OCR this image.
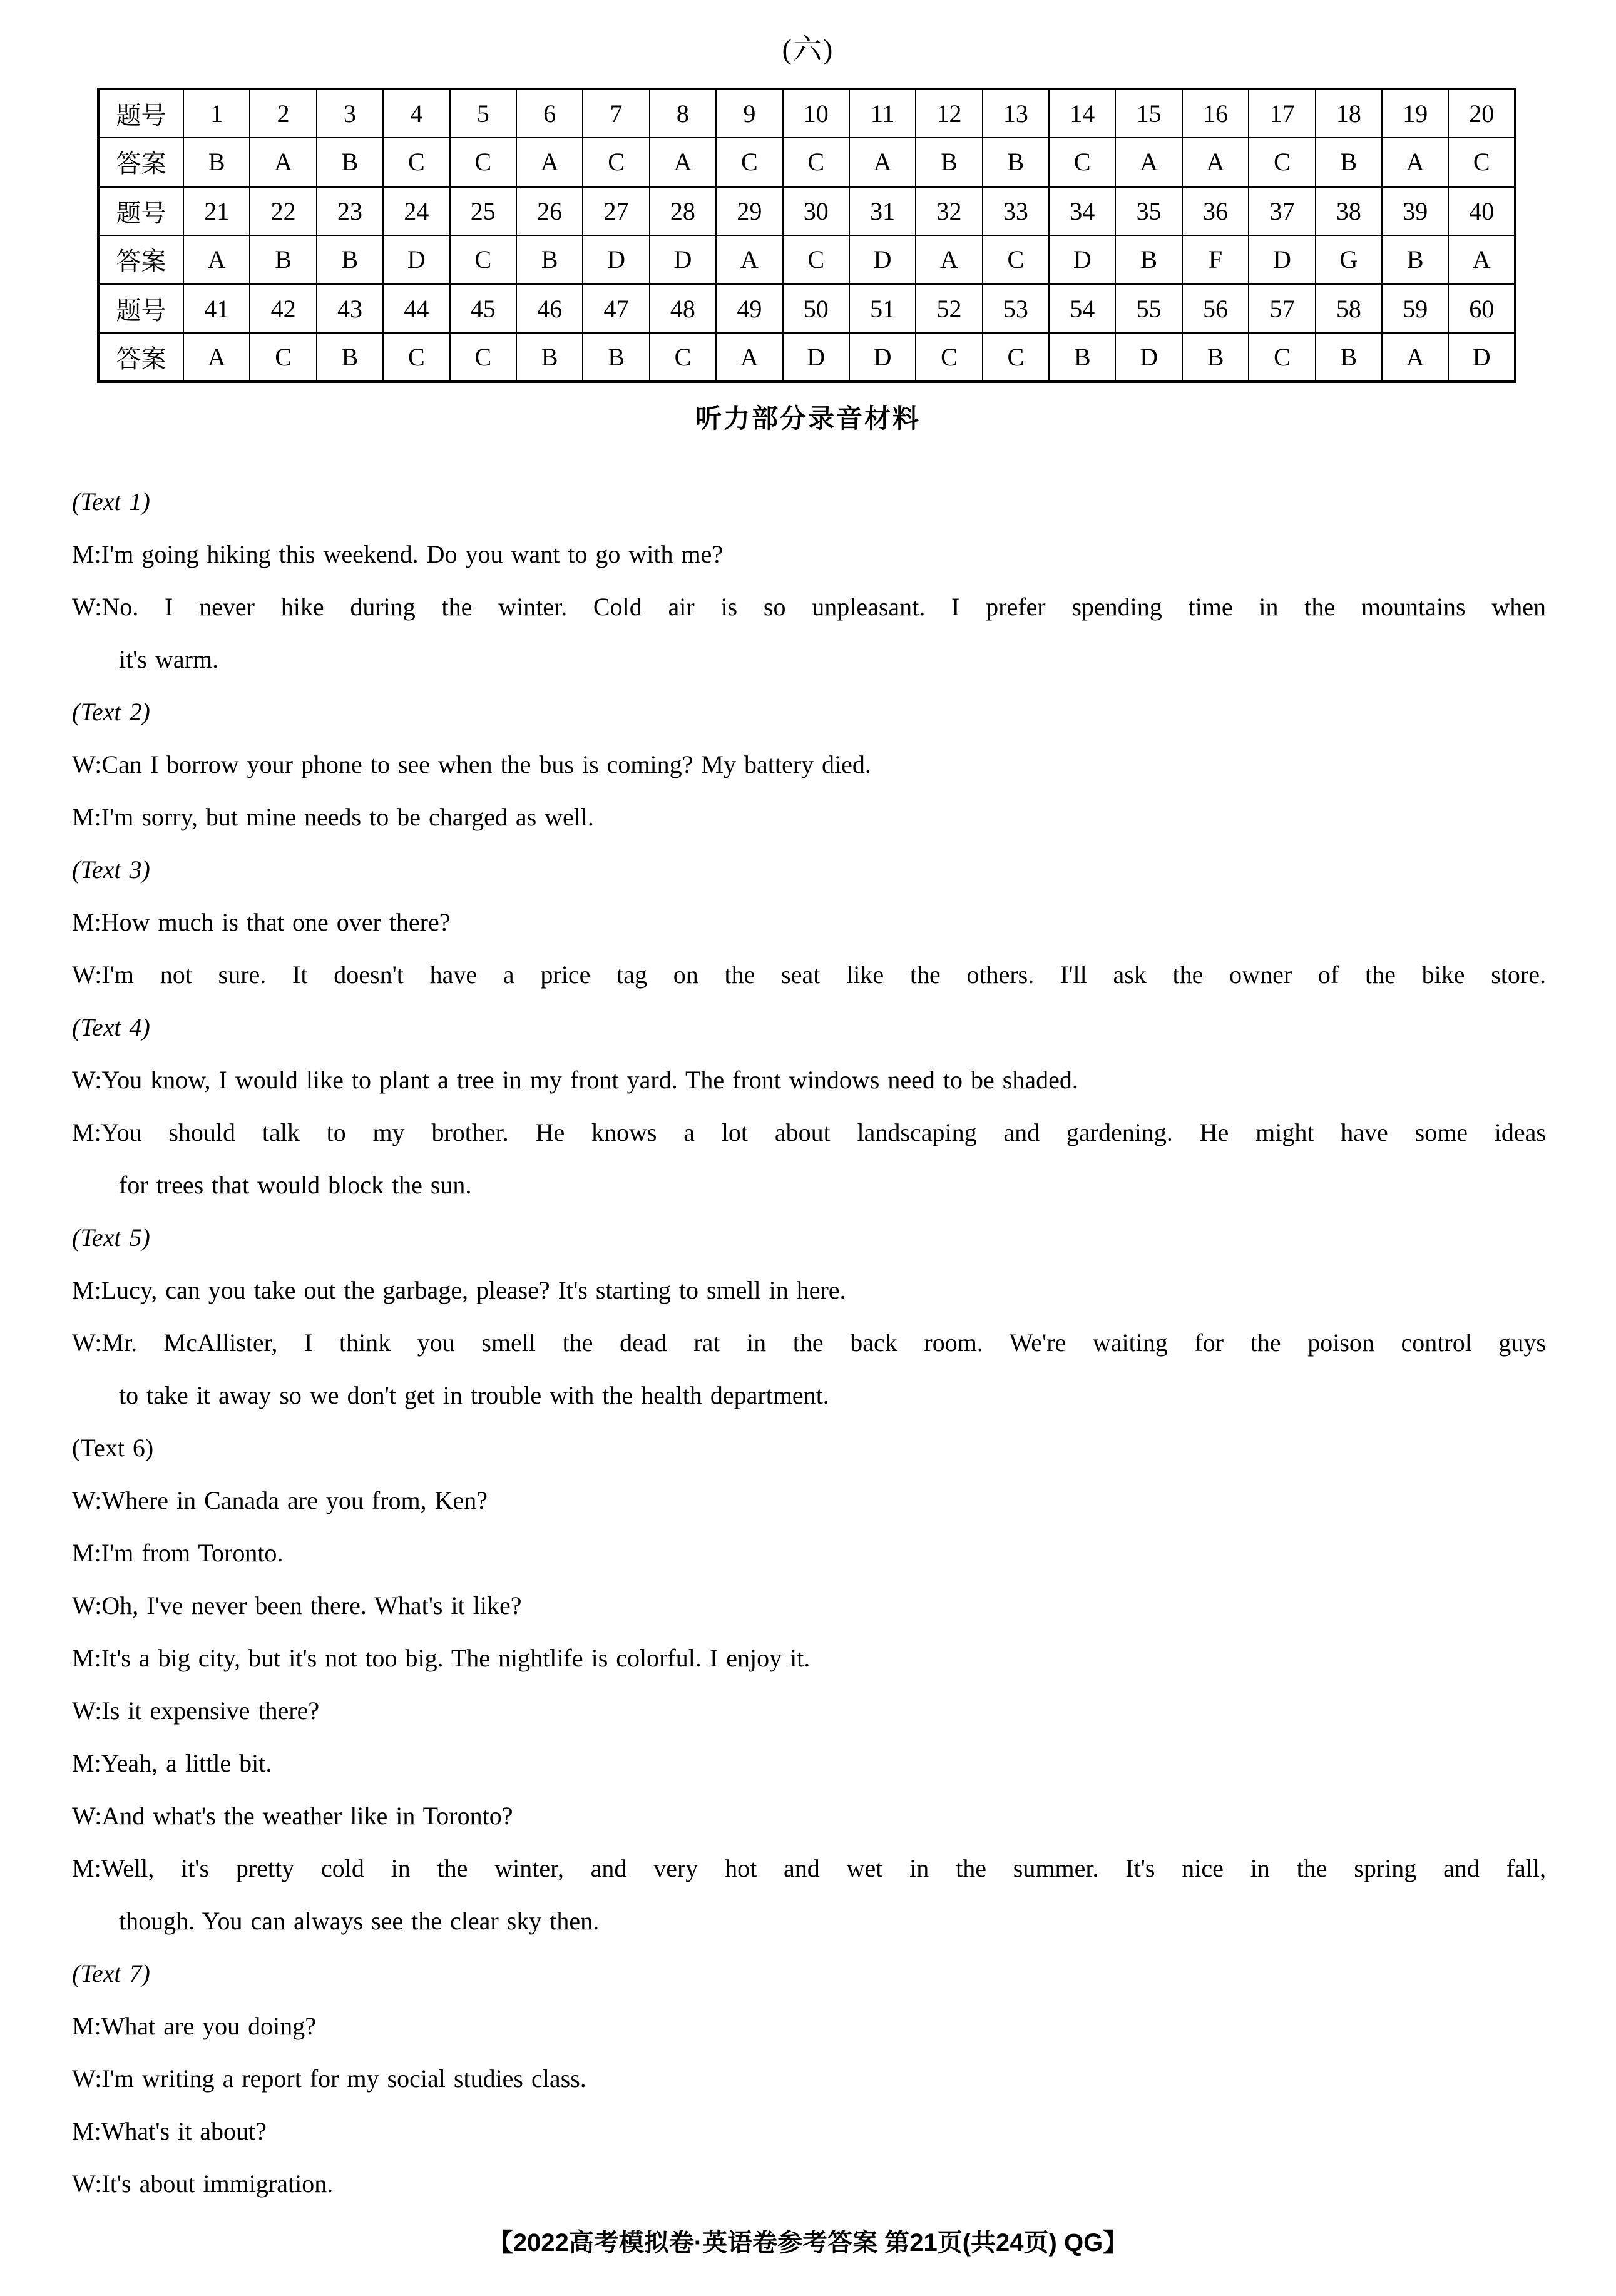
(六)
题号	1	2	3	4	5	6	7	8	9	10	11	12	13	14	15	16	17	18	19	20
答案	B	A	B	C	C	A	C	A	C	C	A	B	B	C	A	A	C	B	A	C
题号	21	22	23	24	25	26	27	28	29	30	31	32	33	34	35	36	37	38	39	40
答案	A	B	B	D	C	B	D	D	A	C	D	A	C	D	B	F	D	G	B	A
题号	41	42	43	44	45	46	47	48	49	50	51	52	53	54	55	56	57	58	59	60
答案	A	C	B	C	C	B	B	C	A	D	D	C	C	B	D	B	C	B	A	D
听力部分录音材料
(Text 1)
M:I'm going hiking this weekend. Do you want to go with me?
W:No. I never hike during the winter. Cold air is so unpleasant. I prefer spending time in the mountains when
it's warm.
(Text 2)
W:Can I borrow your phone to see when the bus is coming? My battery died.
M:I'm sorry, but mine needs to be charged as well.
(Text 3)
M:How much is that one over there?
W:I'm not sure. It doesn't have a price tag on the seat like the others. I'll ask the owner of the bike store.
(Text 4)
W:You know, I would like to plant a tree in my front yard. The front windows need to be shaded.
M:You should talk to my brother. He knows a lot about landscaping and gardening. He might have some ideas
for trees that would block the sun.
(Text 5)
M:Lucy, can you take out the garbage, please? It's starting to smell in here.
W:Mr. McAllister, I think you smell the dead rat in the back room. We're waiting for the poison control guys
to take it away so we don't get in trouble with the health department.
(Text 6)
W:Where in Canada are you from, Ken?
M:I'm from Toronto.
W:Oh, I've never been there. What's it like?
M:It's a big city, but it's not too big. The nightlife is colorful. I enjoy it.
W:Is it expensive there?
M:Yeah, a little bit.
W:And what's the weather like in Toronto?
M:Well, it's pretty cold in the winter, and very hot and wet in the summer. It's nice in the spring and fall,
though. You can always see the clear sky then.
(Text 7)
M:What are you doing?
W:I'm writing a report for my social studies class.
M:What's it about?
W:It's about immigration.
【2022高考模拟卷·英语卷参考答案 第21页(共24页) QG】
